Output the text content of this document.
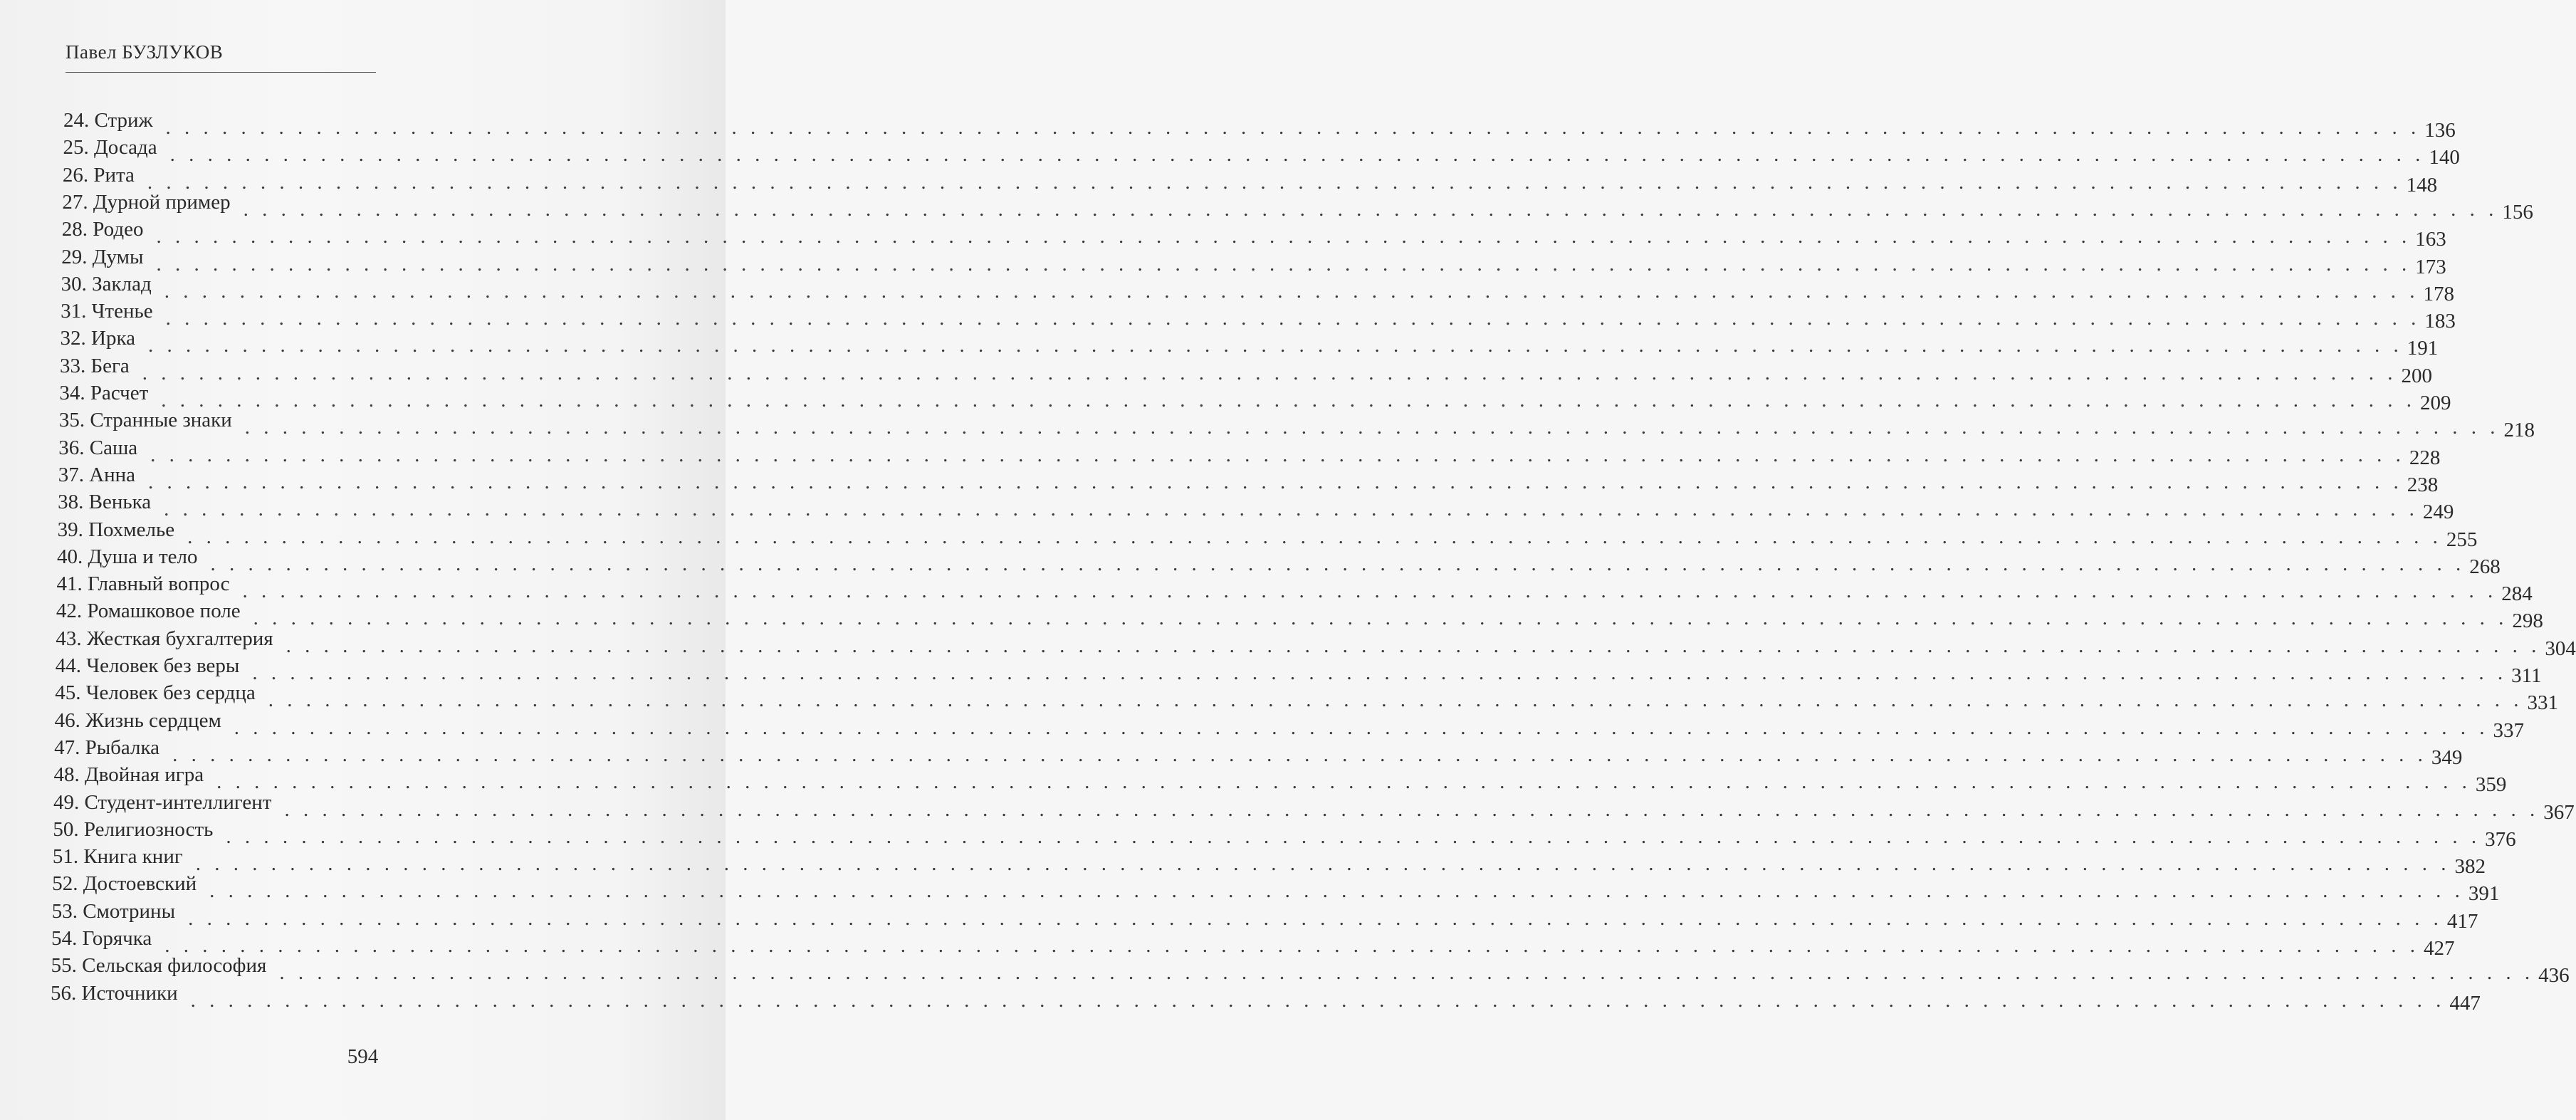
Павел БУЗЛУКОВ
24. Стриж . . . . . . . . . . . . . . . . . . . . . . . . . . . . . . . . . . . . . . . . . . . . . . . . . . . . . . . . . . . . . . . . . . . . . . . . . . . . . . . . . . . . . . . . . . . . . . . . . . . . . . . . . . . . . . . . . . . . . . . . 136
25. Досада . . . . . . . . . . . . . . . . . . . . . . . . . . . . . . . . . . . . . . . . . . . . . . . . . . . . . . . . . . . . . . . . . . . . . . . . . . . . . . . . . . . . . . . . . . . . . . . . . . . . . . . . . . . . . . . . . . . . . . . . 140
26. Рита . . . . . . . . . . . . . . . . . . . . . . . . . . . . . . . . . . . . . . . . . . . . . . . . . . . . . . . . . . . . . . . . . . . . . . . . . . . . . . . . . . . . . . . . . . . . . . . . . . . . . . . . . . . . . . . . . . . . . . . . 148
27. Дурной пример . . . . . . . . . . . . . . . . . . . . . . . . . . . . . . . . . . . . . . . . . . . . . . . . . . . . . . . . . . . . . . . . . . . . . . . . . . . . . . . . . . . . . . . . . . . . . . . . . . . . . . . . . . . . . . . . . . . . . . . . 156
28. Родео . . . . . . . . . . . . . . . . . . . . . . . . . . . . . . . . . . . . . . . . . . . . . . . . . . . . . . . . . . . . . . . . . . . . . . . . . . . . . . . . . . . . . . . . . . . . . . . . . . . . . . . . . . . . . . . . . . . . . . . . 163
29. Думы . . . . . . . . . . . . . . . . . . . . . . . . . . . . . . . . . . . . . . . . . . . . . . . . . . . . . . . . . . . . . . . . . . . . . . . . . . . . . . . . . . . . . . . . . . . . . . . . . . . . . . . . . . . . . . . . . . . . . . . . 173
30. Заклад . . . . . . . . . . . . . . . . . . . . . . . . . . . . . . . . . . . . . . . . . . . . . . . . . . . . . . . . . . . . . . . . . . . . . . . . . . . . . . . . . . . . . . . . . . . . . . . . . . . . . . . . . . . . . . . . . . . . . . . . 178
31. Чтенье . . . . . . . . . . . . . . . . . . . . . . . . . . . . . . . . . . . . . . . . . . . . . . . . . . . . . . . . . . . . . . . . . . . . . . . . . . . . . . . . . . . . . . . . . . . . . . . . . . . . . . . . . . . . . . . . . . . . . . . . 183
32. Ирка . . . . . . . . . . . . . . . . . . . . . . . . . . . . . . . . . . . . . . . . . . . . . . . . . . . . . . . . . . . . . . . . . . . . . . . . . . . . . . . . . . . . . . . . . . . . . . . . . . . . . . . . . . . . . . . . . . . . . . . . 191
33. Бега . . . . . . . . . . . . . . . . . . . . . . . . . . . . . . . . . . . . . . . . . . . . . . . . . . . . . . . . . . . . . . . . . . . . . . . . . . . . . . . . . . . . . . . . . . . . . . . . . . . . . . . . . . . . . . . . . . . . . . . . 200
34. Расчет . . . . . . . . . . . . . . . . . . . . . . . . . . . . . . . . . . . . . . . . . . . . . . . . . . . . . . . . . . . . . . . . . . . . . . . . . . . . . . . . . . . . . . . . . . . . . . . . . . . . . . . . . . . . . . . . . . . . . . . . 209
35. Странные знаки . . . . . . . . . . . . . . . . . . . . . . . . . . . . . . . . . . . . . . . . . . . . . . . . . . . . . . . . . . . . . . . . . . . . . . . . . . . . . . . . . . . . . . . . . . . . . . . . . . . . . . . . . . . . . . . . . . . . . . . . 218
36. Саша . . . . . . . . . . . . . . . . . . . . . . . . . . . . . . . . . . . . . . . . . . . . . . . . . . . . . . . . . . . . . . . . . . . . . . . . . . . . . . . . . . . . . . . . . . . . . . . . . . . . . . . . . . . . . . . . . . . . . . . . 228
37. Анна . . . . . . . . . . . . . . . . . . . . . . . . . . . . . . . . . . . . . . . . . . . . . . . . . . . . . . . . . . . . . . . . . . . . . . . . . . . . . . . . . . . . . . . . . . . . . . . . . . . . . . . . . . . . . . . . . . . . . . . . 238
38. Венька . . . . . . . . . . . . . . . . . . . . . . . . . . . . . . . . . . . . . . . . . . . . . . . . . . . . . . . . . . . . . . . . . . . . . . . . . . . . . . . . . . . . . . . . . . . . . . . . . . . . . . . . . . . . . . . . . . . . . . . . 249
39. Похмелье . . . . . . . . . . . . . . . . . . . . . . . . . . . . . . . . . . . . . . . . . . . . . . . . . . . . . . . . . . . . . . . . . . . . . . . . . . . . . . . . . . . . . . . . . . . . . . . . . . . . . . . . . . . . . . . . . . . . . . . . 255
40. Душа и тело . . . . . . . . . . . . . . . . . . . . . . . . . . . . . . . . . . . . . . . . . . . . . . . . . . . . . . . . . . . . . . . . . . . . . . . . . . . . . . . . . . . . . . . . . . . . . . . . . . . . . . . . . . . . . . . . . . . . . . . . 268
41. Главный вопрос . . . . . . . . . . . . . . . . . . . . . . . . . . . . . . . . . . . . . . . . . . . . . . . . . . . . . . . . . . . . . . . . . . . . . . . . . . . . . . . . . . . . . . . . . . . . . . . . . . . . . . . . . . . . . . . . . . . . . . . . 284
42. Ромашковое поле . . . . . . . . . . . . . . . . . . . . . . . . . . . . . . . . . . . . . . . . . . . . . . . . . . . . . . . . . . . . . . . . . . . . . . . . . . . . . . . . . . . . . . . . . . . . . . . . . . . . . . . . . . . . . . . . . . . . . . . . 298
43. Жесткая бухгалтерия . . . . . . . . . . . . . . . . . . . . . . . . . . . . . . . . . . . . . . . . . . . . . . . . . . . . . . . . . . . . . . . . . . . . . . . . . . . . . . . . . . . . . . . . . . . . . . . . . . . . . . . . . . . . . . . . . . . . . . . . 304
44. Человек без веры . . . . . . . . . . . . . . . . . . . . . . . . . . . . . . . . . . . . . . . . . . . . . . . . . . . . . . . . . . . . . . . . . . . . . . . . . . . . . . . . . . . . . . . . . . . . . . . . . . . . . . . . . . . . . . . . . . . . . . . . 311
45. Человек без сердца . . . . . . . . . . . . . . . . . . . . . . . . . . . . . . . . . . . . . . . . . . . . . . . . . . . . . . . . . . . . . . . . . . . . . . . . . . . . . . . . . . . . . . . . . . . . . . . . . . . . . . . . . . . . . . . . . . . . . . . . 331
46. Жизнь сердцем . . . . . . . . . . . . . . . . . . . . . . . . . . . . . . . . . . . . . . . . . . . . . . . . . . . . . . . . . . . . . . . . . . . . . . . . . . . . . . . . . . . . . . . . . . . . . . . . . . . . . . . . . . . . . . . . . . . . . . . . 337
47. Рыбалка . . . . . . . . . . . . . . . . . . . . . . . . . . . . . . . . . . . . . . . . . . . . . . . . . . . . . . . . . . . . . . . . . . . . . . . . . . . . . . . . . . . . . . . . . . . . . . . . . . . . . . . . . . . . . . . . . . . . . . . . 349
48. Двойная игра . . . . . . . . . . . . . . . . . . . . . . . . . . . . . . . . . . . . . . . . . . . . . . . . . . . . . . . . . . . . . . . . . . . . . . . . . . . . . . . . . . . . . . . . . . . . . . . . . . . . . . . . . . . . . . . . . . . . . . . . 359
49. Студент-интеллигент . . . . . . . . . . . . . . . . . . . . . . . . . . . . . . . . . . . . . . . . . . . . . . . . . . . . . . . . . . . . . . . . . . . . . . . . . . . . . . . . . . . . . . . . . . . . . . . . . . . . . . . . . . . . . . . . . . . . . . . . 367
50. Религиозность . . . . . . . . . . . . . . . . . . . . . . . . . . . . . . . . . . . . . . . . . . . . . . . . . . . . . . . . . . . . . . . . . . . . . . . . . . . . . . . . . . . . . . . . . . . . . . . . . . . . . . . . . . . . . . . . . . . . . . . . 376
51. Книга книг . . . . . . . . . . . . . . . . . . . . . . . . . . . . . . . . . . . . . . . . . . . . . . . . . . . . . . . . . . . . . . . . . . . . . . . . . . . . . . . . . . . . . . . . . . . . . . . . . . . . . . . . . . . . . . . . . . . . . . . . 382
52. Достоевский . . . . . . . . . . . . . . . . . . . . . . . . . . . . . . . . . . . . . . . . . . . . . . . . . . . . . . . . . . . . . . . . . . . . . . . . . . . . . . . . . . . . . . . . . . . . . . . . . . . . . . . . . . . . . . . . . . . . . . . . 391
53. Смотрины . . . . . . . . . . . . . . . . . . . . . . . . . . . . . . . . . . . . . . . . . . . . . . . . . . . . . . . . . . . . . . . . . . . . . . . . . . . . . . . . . . . . . . . . . . . . . . . . . . . . . . . . . . . . . . . . . . . . . . . . 417
54. Горячка . . . . . . . . . . . . . . . . . . . . . . . . . . . . . . . . . . . . . . . . . . . . . . . . . . . . . . . . . . . . . . . . . . . . . . . . . . . . . . . . . . . . . . . . . . . . . . . . . . . . . . . . . . . . . . . . . . . . . . . . 427
55. Сельская философия . . . . . . . . . . . . . . . . . . . . . . . . . . . . . . . . . . . . . . . . . . . . . . . . . . . . . . . . . . . . . . . . . . . . . . . . . . . . . . . . . . . . . . . . . . . . . . . . . . . . . . . . . . . . . . . . . . . . . . . . 436
56. Источники . . . . . . . . . . . . . . . . . . . . . . . . . . . . . . . . . . . . . . . . . . . . . . . . . . . . . . . . . . . . . . . . . . . . . . . . . . . . . . . . . . . . . . . . . . . . . . . . . . . . . . . . . . . . . . . . . . . . . . . . 447
594
